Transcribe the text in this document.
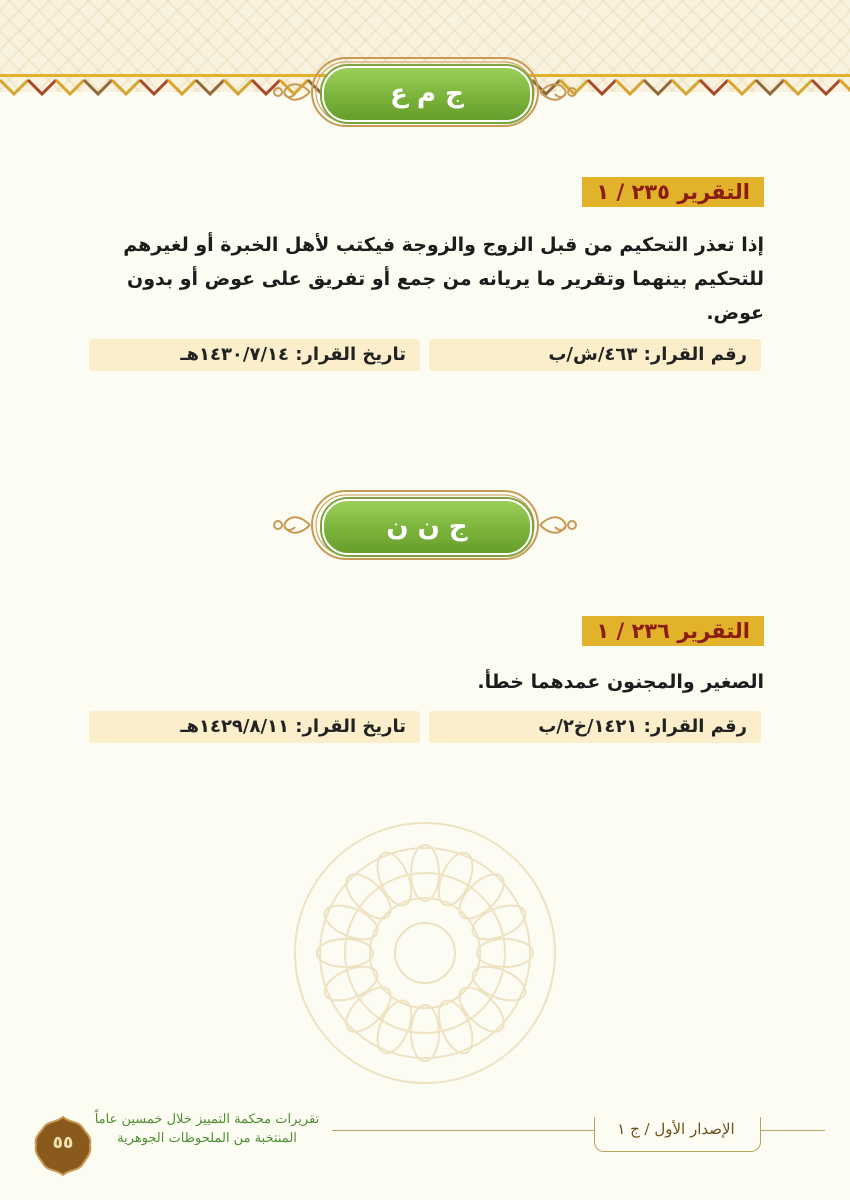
ج م ع
التقرير ٢٣٥ / ١
إذا تعذر التحكيم من قبل الزوج والزوجة فيكتب لأهل الخبرة أو لغيرهم للتحكيم بينهما وتقرير ما يريانه من جمع أو تفريق على عوض أو بدون عوض.
رقم القرار: ٤٦٣/ش/ب
تاريخ القرار: ١٤٣٠/٧/١٤هـ
ج ن ن
التقرير ٢٣٦ / ١
الصغير والمجنون عمدهما خطأ.
رقم القرار: ١٤٢١/خ٢/ب
تاريخ القرار: ١٤٢٩/٨/١١هـ
الإصدار الأول / ج ١
تقريرات محكمة التمييز خلال خمسين عاماً
المنتخبة من الملحوظات الجوهرية
٥٥
